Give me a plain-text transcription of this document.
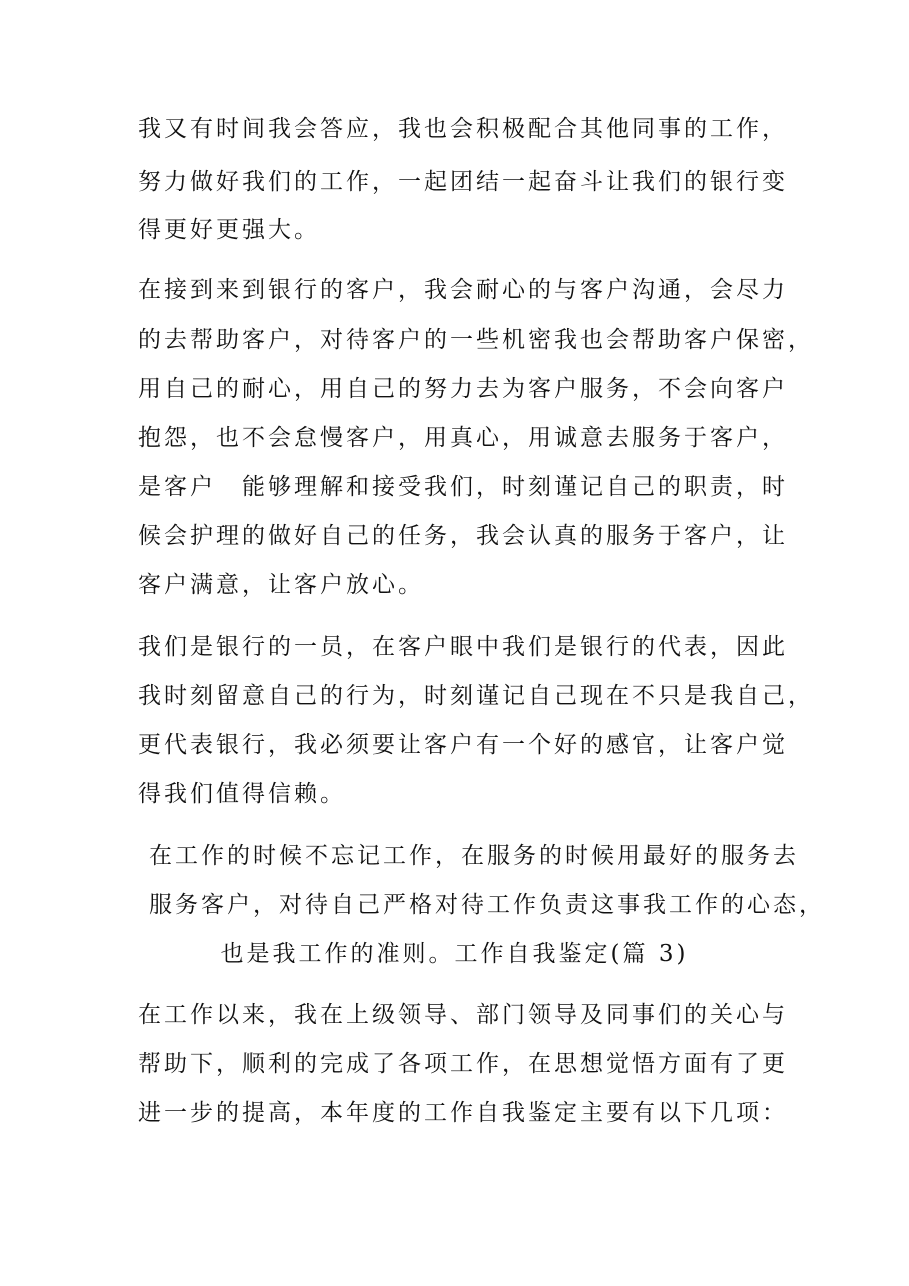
我又有时间我会答应，我也会积极配合其他同事的工作，
努力做好我们的工作，一起团结一起奋斗让我们的银行变
得更好更强大。
在接到来到银行的客户，我会耐心的与客户沟通，会尽力
的去帮助客户，对待客户的一些机密我也会帮助客户保密，
用自己的耐心，用自己的努力去为客户服务，不会向客户
抱怨，也不会怠慢客户，用真心，用诚意去服务于客户，
是客户　能够理解和接受我们，时刻谨记自己的职责，时
候会护理的做好自己的任务，我会认真的服务于客户，让
客户满意，让客户放心。
我们是银行的一员，在客户眼中我们是银行的代表，因此
我时刻留意自己的行为，时刻谨记自己现在不只是我自己，
更代表银行，我必须要让客户有一个好的感官，让客户觉
得我们值得信赖。
在工作的时候不忘记工作，在服务的时候用最好的服务去
服务客户，对待自己严格对待工作负责这事我工作的心态，
也是我工作的准则。工作自我鉴定(篇 3)
在工作以来，我在上级领导、部门领导及同事们的关心与
帮助下，顺利的完成了各项工作，在思想觉悟方面有了更
进一步的提高，本年度的工作自我鉴定主要有以下几项：
